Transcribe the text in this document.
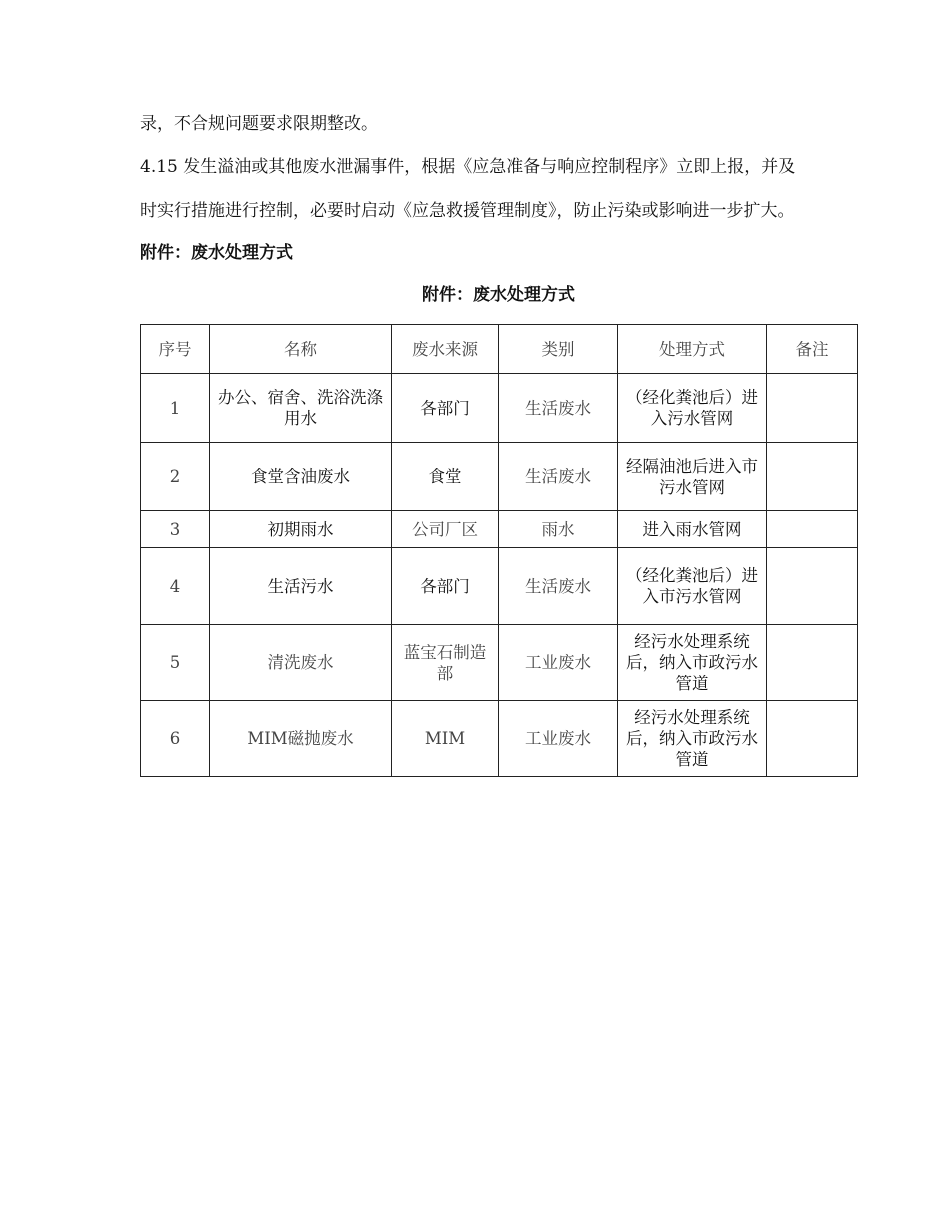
录，不合规问题要求限期整改。
4.15 发生溢油或其他废水泄漏事件，根据《应急准备与响应控制程序》立即上报，并及
时实行措施进行控制，必要时启动《应急救援管理制度》，防止污染或影响进一步扩大。
附件：废水处理方式
附件：废水处理方式
序号	名称	废水来源	类别	处理方式	备注
1	办公、宿舍、洗浴洗涤用水	各部门	生活废水	（经化粪池后）进入污水管网	
2	食堂含油废水	食堂	生活废水	经隔油池后进入市污水管网	
3	初期雨水	公司厂区	雨水	进入雨水管网	
4	生活污水	各部门	生活废水	（经化粪池后）进入市污水管网	
5	清洗废水	蓝宝石制造部	工业废水	经污水处理系统后，纳入市政污水管道	
6	MIM磁抛废水	MIM	工业废水	经污水处理系统后，纳入市政污水管道	
